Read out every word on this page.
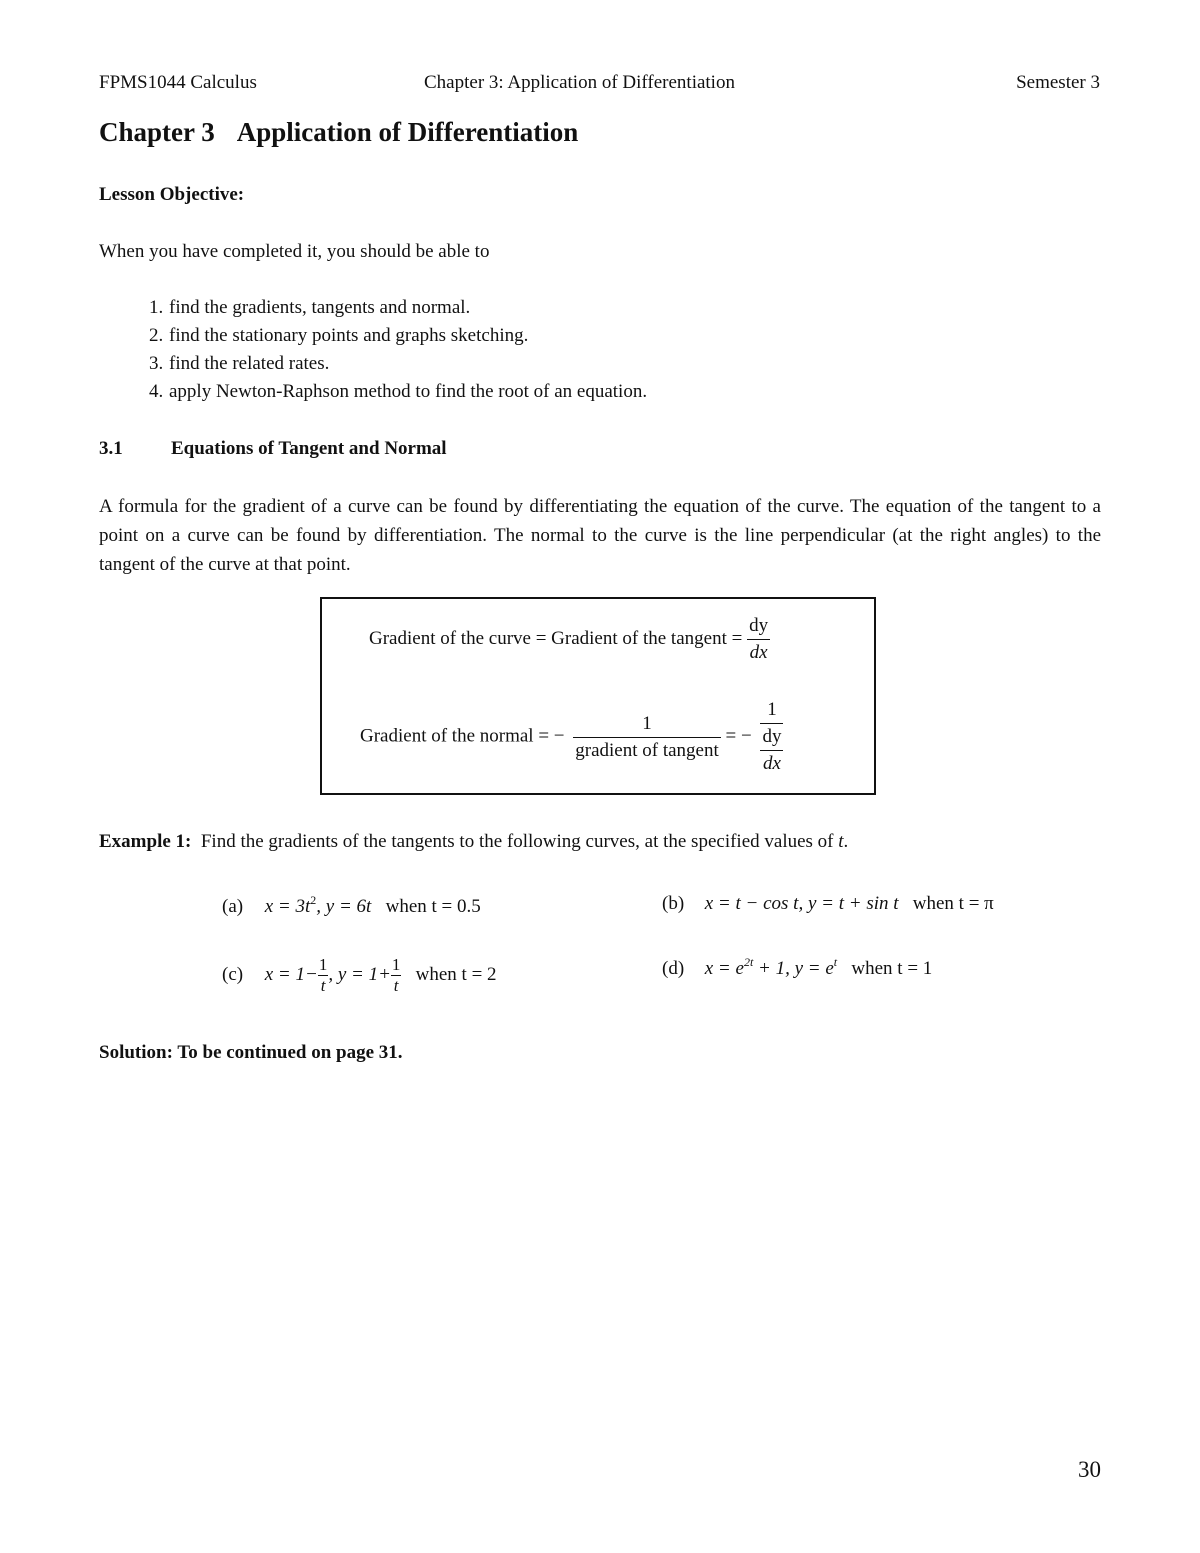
FPMS1044 Calculus	Chapter 3: Application of Differentiation	Semester 3
Chapter 3 Application of Differentiation
Lesson Objective:
When you have completed it, you should be able to
1. find the gradients, tangents and normal.
2. find the stationary points and graphs sketching.
3. find the related rates.
4. apply Newton-Raphson method to find the root of an equation.
3.1	Equations of Tangent and Normal

A formula for the gradient of a curve can be found by differentiating the equation of the curve. The equation of the tangent to a point on a curve can be found by differentiation. The normal to the curve is the line perpendicular (at the right angles) to the tangent of the curve at that point.

Gradient of the curve = Gradient of the tangent = $\frac{dy}{dx}$
Gradient of the normal = − $\frac{1}{\text{gradient of tangent}}$ = − $\frac{1}{\frac{dy}{dx}}$
Example 1: Find the gradients of the tangents to the following curves, at the specified values of t.
(a) $x = 3t^2$, y = 6t when t = 0.5	(b) x = t − cos t, y = t + sin t when t = π
(c) $x = 1- \frac{1}{t}$ , $y = 1+ \frac{1}{t}$ when t = 2	(d) $x = e^{2t} + 1$, $y = e^t$ when t = 1
Solution: To be continued on page 31.
30
